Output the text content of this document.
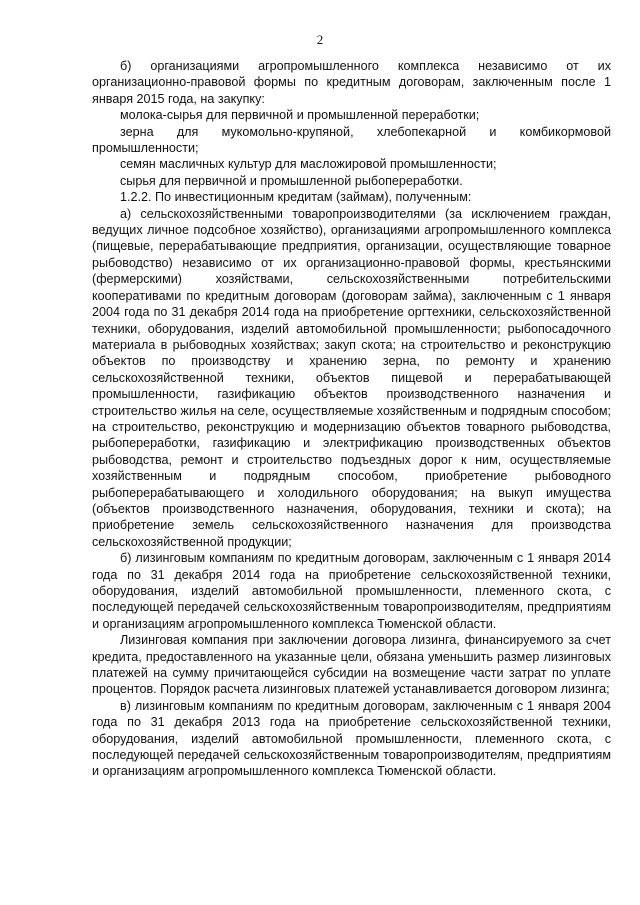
2

б) организациями агропромышленного комплекса независимо от их организационно-правовой формы по кредитным договорам, заключенным после 1 января 2015 года, на закупку:

молока-сырья для первичной и промышленной переработки;

зерна для мукомольно-крупяной, хлебопекарной и комбикормовой промышленности;

семян масличных культур для масложировой промышленности;

сырья для первичной и промышленной рыбопереработки.

1.2.2. По инвестиционным кредитам (займам), полученным:

а) сельскохозяйственными товаропроизводителями (за исключением граждан, ведущих личное подсобное хозяйство), организациями агропромышленного комплекса (пищевые, перерабатывающие предприятия, организации, осуществляющие товарное рыбоводство) независимо от их организационно-правовой формы, крестьянскими (фермерскими) хозяйствами, сельскохозяйственными потребительскими кооперативами по кредитным договорам (договорам займа), заключенным с 1 января 2004 года по 31 декабря 2014 года на приобретение оргтехники, сельскохозяйственной техники, оборудования, изделий автомобильной промышленности; рыбопосадочного материала в рыбоводных хозяйствах; закуп скота; на строительство и реконструкцию объектов по производству и хранению зерна, по ремонту и хранению сельскохозяйственной техники, объектов пищевой и перерабатывающей промышленности, газификацию объектов производственного назначения и строительство жилья на селе, осуществляемые хозяйственным и подрядным способом; на строительство, реконструкцию и модернизацию объектов товарного рыбоводства, рыбопереработки, газификацию и электрификацию производственных объектов рыбоводства, ремонт и строительство подъездных дорог к ним, осуществляемые хозяйственным и подрядным способом, приобретение рыбоводного рыбоперерабатывающего и холодильного оборудования; на выкуп имущества (объектов производственного назначения, оборудования, техники и скота); на приобретение земель сельскохозяйственного назначения для производства сельскохозяйственной продукции;

б) лизинговым компаниям по кредитным договорам, заключенным с 1 января 2014 года по 31 декабря 2014 года на приобретение сельскохозяйственной техники, оборудования, изделий автомобильной промышленности, племенного скота, с последующей передачей сельскохозяйственным товаропроизводителям, предприятиям и организациям агропромышленного комплекса Тюменской области.

Лизинговая компания при заключении договора лизинга, финансируемого за счет кредита, предоставленного на указанные цели, обязана уменьшить размер лизинговых платежей на сумму причитающейся субсидии на возмещение части затрат по уплате процентов. Порядок расчета лизинговых платежей устанавливается договором лизинга;

в) лизинговым компаниям по кредитным договорам, заключенным с 1 января 2004 года по 31 декабря 2013 года на приобретение сельскохозяйственной техники, оборудования, изделий автомобильной промышленности, племенного скота, с последующей передачей сельскохозяйственным товаропроизводителям, предприятиям и организациям агропромышленного комплекса Тюменской области.
